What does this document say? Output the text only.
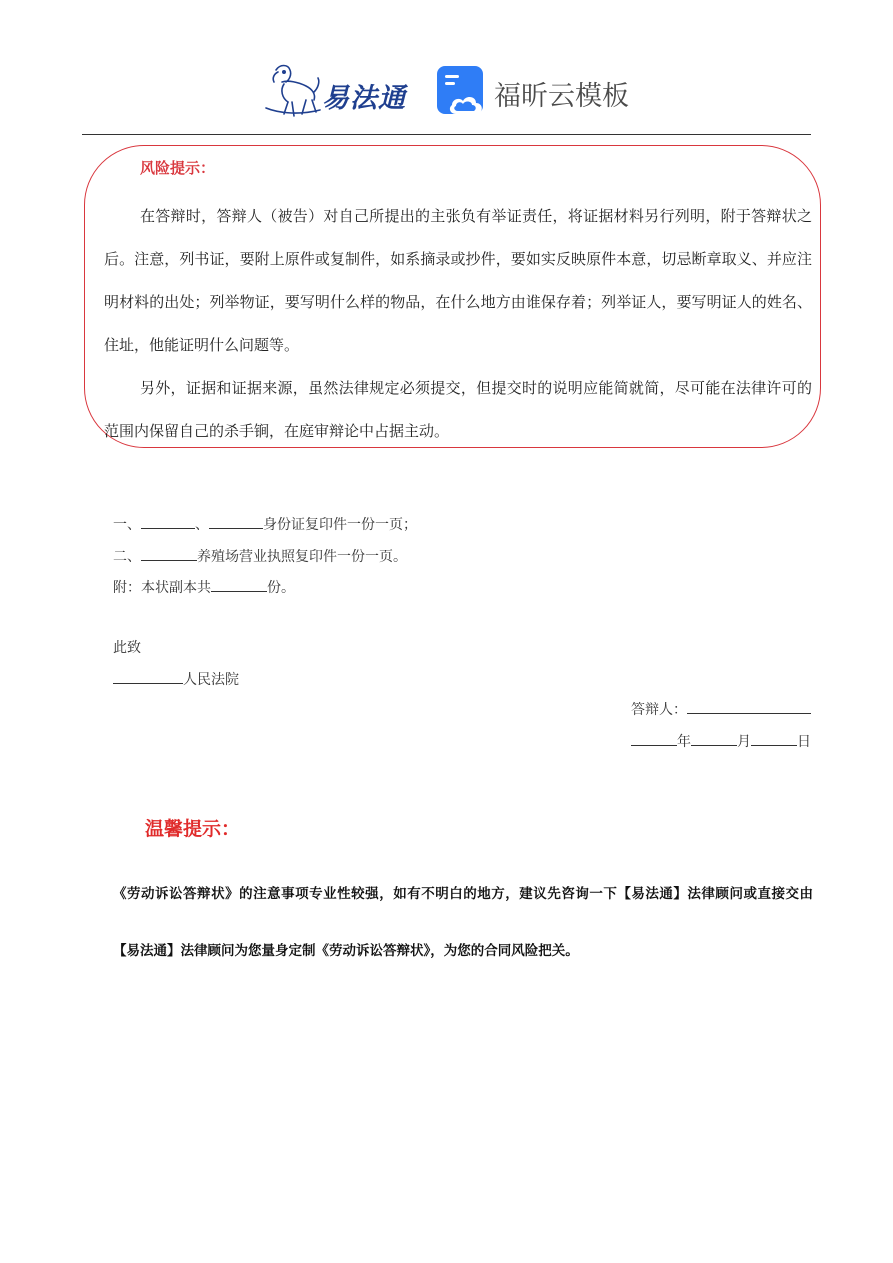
易法通	福昕云模板
风险提示：

在答辩时，答辩人（被告）对自己所提出的主张负有举证责任，将证据材料另行列明，附于答辩状之后。注意，列书证，要附上原件或复制件，如系摘录或抄件，要如实反映原件本意，切忌断章取义、并应注明材料的出处；列举物证，要写明什么样的物品，在什么地方由谁保存着；列举证人，要写明证人的姓名、住址，他能证明什么问题等。

另外，证据和证据来源，虽然法律规定必须提交，但提交时的说明应能简就简，尽可能在法律许可的范围内保留自己的杀手锏，在庭审辩论中占据主动。

一、	、	身份证复印件一份一页；
二、	养殖场营业执照复印件一份一页。
附：本状副本共	份。
此致
人民法院
答辩人：
年	月	日
温馨提示：

《劳动诉讼答辩状》的注意事项专业性较强，如有不明白的地方，建议先咨询一下【易法通】法律顾问或直接交由【易法通】法律顾问为您量身定制《劳动诉讼答辩状》，为您的合同风险把关。
